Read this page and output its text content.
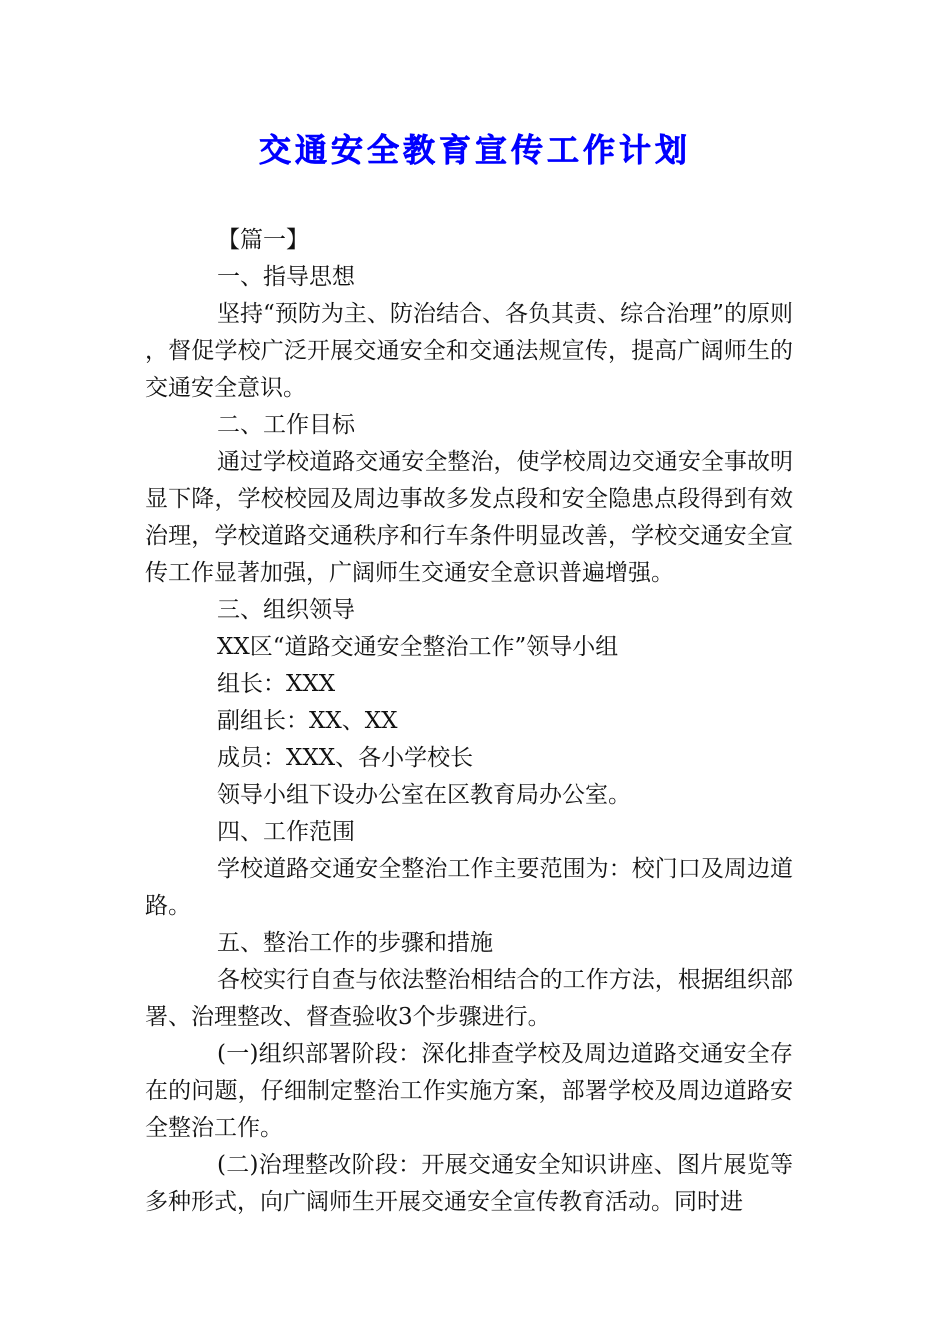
交通安全教育宣传工作计划

【篇一】

一、指导思想

坚持“预防为主、防治结合、各负其责、综合治理”的原则，督促学校广泛开展交通安全和交通法规宣传，提高广阔师生的交通安全意识。

二、工作目标

通过学校道路交通安全整治，使学校周边交通安全事故明显下降，学校校园及周边事故多发点段和安全隐患点段得到有效治理，学校道路交通秩序和行车条件明显改善，学校交通安全宣传工作显著加强，广阔师生交通安全意识普遍增强。

三、组织领导

XX区“道路交通安全整治工作”领导小组

组长：XXX

副组长：XX、XX

成员：XXX、各小学校长

领导小组下设办公室在区教育局办公室。

四、工作范围

学校道路交通安全整治工作主要范围为：校门口及周边道路。

五、整治工作的步骤和措施

各校实行自查与依法整治相结合的工作方法，根据组织部署、治理整改、督查验收3个步骤进行。

(一)组织部署阶段：深化排查学校及周边道路交通安全存在的问题，仔细制定整治工作实施方案，部署学校及周边道路安全整治工作。

(二)治理整改阶段：开展交通安全知识讲座、图片展览等多种形式，向广阔师生开展交通安全宣传教育活动。同时进
